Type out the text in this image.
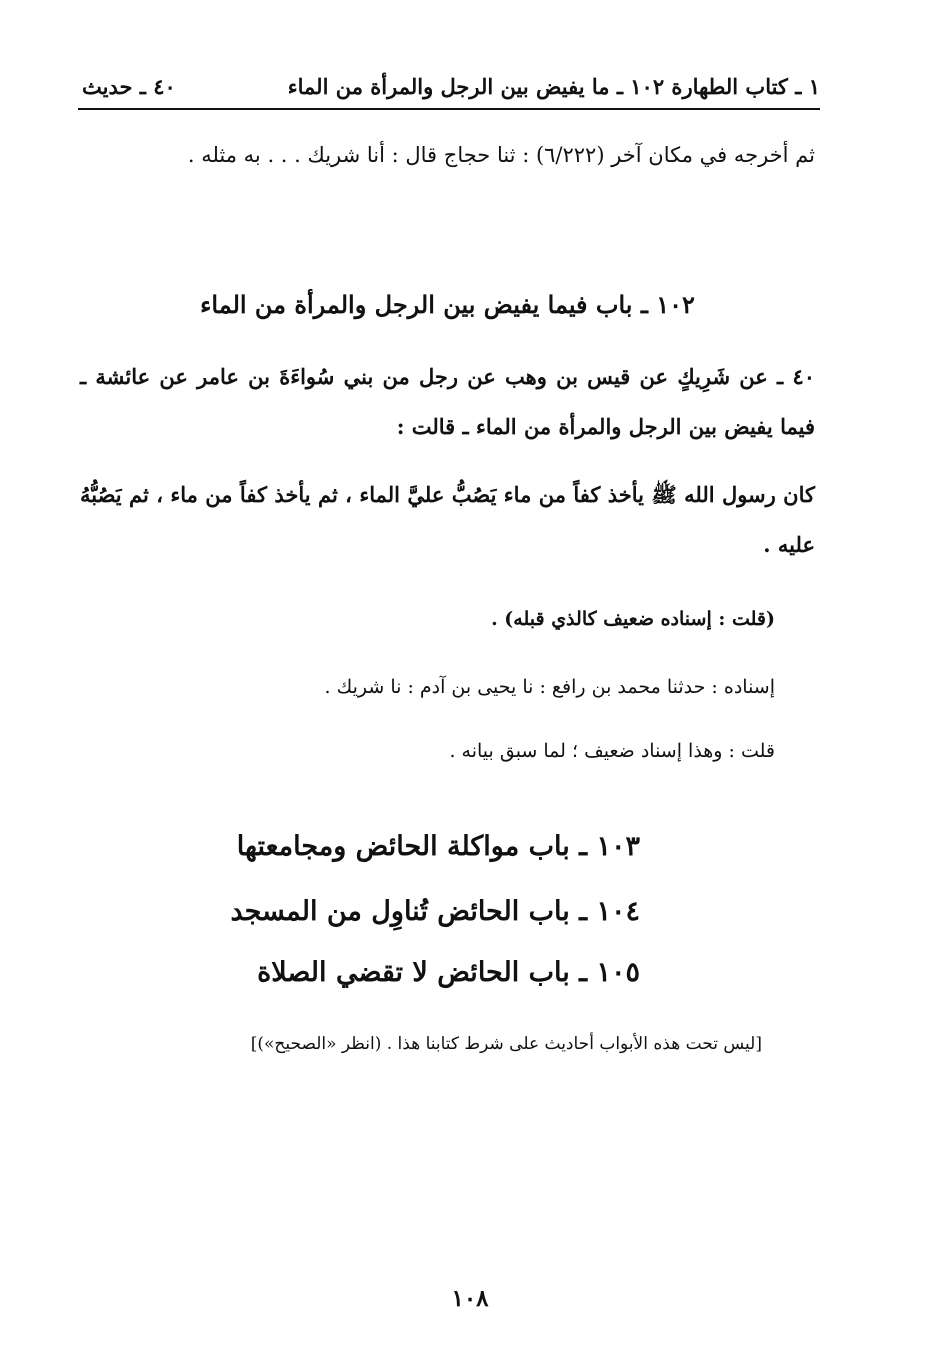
١ ـ كتاب الطهارة ١٠٢ ـ ما يفيض بين الرجل والمرأة من الماء
٤٠ ـ حديث
ثم أخرجه في مكان آخر (٦/٢٢٢) : ثنا حجاج قال : أنا شريك . . . به مثله .
١٠٢ ـ باب فيما يفيض بين الرجل والمرأة من الماء
٤٠ ـ عن شَرِيكٍ عن قيس بن وهب عن رجل من بني سُواءَةَ بن عامر عن عائشة ـ فيما يفيض بين الرجل والمرأة من الماء ـ قالت :
كان رسول الله ﷺ يأخذ كفاً من ماء يَصُبُّ عليَّ الماء ، ثم يأخذ كفاً من ماء ، ثم يَصُبُّهُ عليه .
(قلت : إسناده ضعيف كالذي قبله) .
إسناده : حدثنا محمد بن رافع : نا يحيى بن آدم : نا شريك .
قلت : وهذا إسناد ضعيف ؛ لما سبق بيانه .
١٠٣ ـ باب مواكلة الحائض ومجامعتها
١٠٤ ـ باب الحائض تُناوِل من المسجد
١٠٥ ـ باب الحائض لا تقضي الصلاة
[ليس تحت هذه الأبواب أحاديث على شرط كتابنا هذا . (انظر «الصحيح»)]
١٠٨
